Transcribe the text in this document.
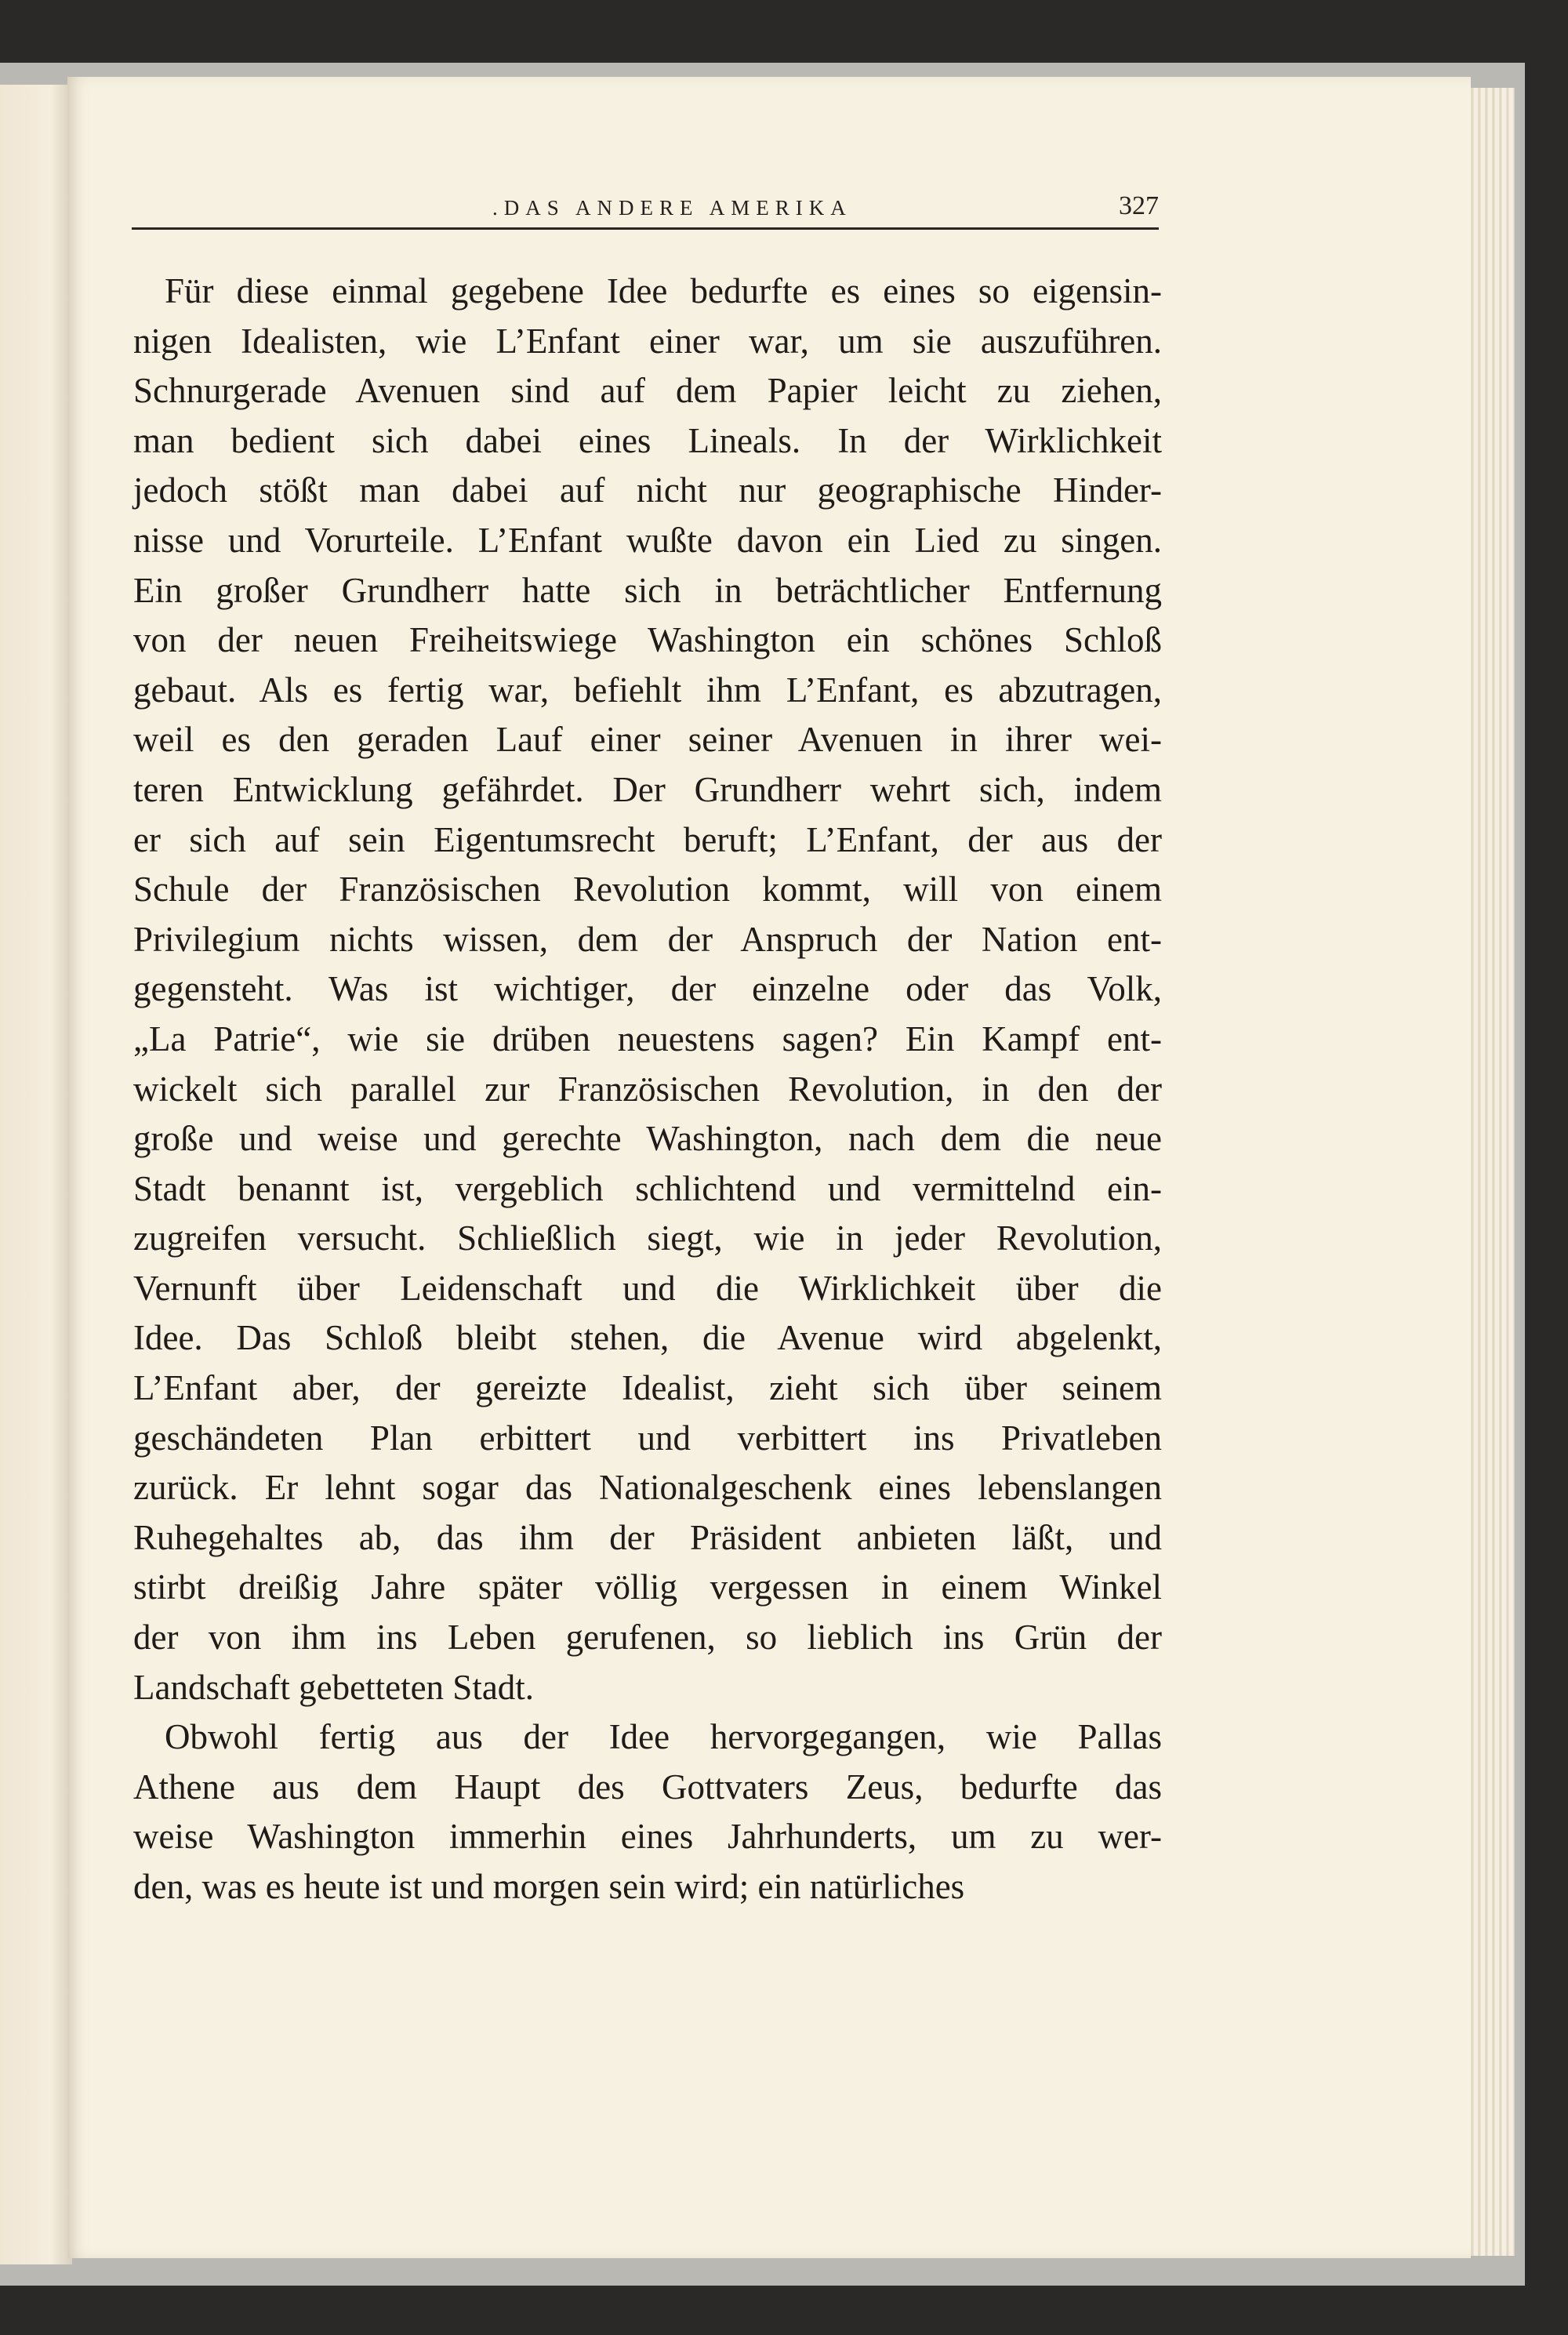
.DAS ANDERE AMERIKA	327
Für diese einmal gegebene Idee bedurfte es eines so eigensin-
nigen Idealisten, wie L’Enfant einer war, um sie auszuführen.
Schnurgerade Avenuen sind auf dem Papier leicht zu ziehen,
man bedient sich dabei eines Lineals. In der Wirklichkeit
jedoch stößt man dabei auf nicht nur geographische Hinder-
nisse und Vorurteile. L’Enfant wußte davon ein Lied zu singen.
Ein großer Grundherr hatte sich in beträchtlicher Entfernung
von der neuen Freiheitswiege Washington ein schönes Schloß
gebaut. Als es fertig war, befiehlt ihm L’Enfant, es abzutragen,
weil es den geraden Lauf einer seiner Avenuen in ihrer wei-
teren Entwicklung gefährdet. Der Grundherr wehrt sich, indem
er sich auf sein Eigentumsrecht beruft; L’Enfant, der aus der
Schule der Französischen Revolution kommt, will von einem
Privilegium nichts wissen, dem der Anspruch der Nation ent-
gegensteht. Was ist wichtiger, der einzelne oder das Volk,
„La Patrie“, wie sie drüben neuestens sagen? Ein Kampf ent-
wickelt sich parallel zur Französischen Revolution, in den der
große und weise und gerechte Washington, nach dem die neue
Stadt benannt ist, vergeblich schlichtend und vermittelnd ein-
zugreifen versucht. Schließlich siegt, wie in jeder Revolution,
Vernunft über Leidenschaft und die Wirklichkeit über die
Idee. Das Schloß bleibt stehen, die Avenue wird abgelenkt,
L’Enfant aber, der gereizte Idealist, zieht sich über seinem
geschändeten Plan erbittert und verbittert ins Privatleben
zurück. Er lehnt sogar das Nationalgeschenk eines lebenslangen
Ruhegehaltes ab, das ihm der Präsident anbieten läßt, und
stirbt dreißig Jahre später völlig vergessen in einem Winkel
der von ihm ins Leben gerufenen, so lieblich ins Grün der
Landschaft gebetteten Stadt.
Obwohl fertig aus der Idee hervorgegangen, wie Pallas
Athene aus dem Haupt des Gottvaters Zeus, bedurfte das
weise Washington immerhin eines Jahrhunderts, um zu wer-
den, was es heute ist und morgen sein wird; ein natürliches
